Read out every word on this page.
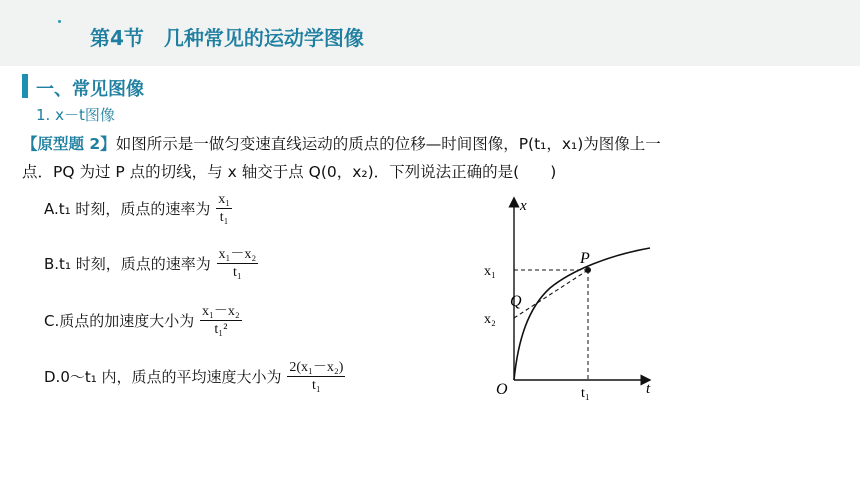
第4节　几种常见的运动学图像
一、常见图像
1. x－t图像
【原型题 2】如图所示是一做匀变速直线运动的质点的位移—时间图像，P(t₁，x₁)为图像上一
点．PQ 为过 P 点的切线，与 x 轴交于点 Q(0，x₂)．下列说法正确的是(　　)
A.t₁ 时刻，质点的速率为 $\frac{\text{x₁}}{\text{t₁}}$
B.t₁ 时刻，质点的速率为 $\frac{\text{x₁－x₂}}{\text{t₁}}$
C.质点的加速度大小为 $\frac{\text{x₁－x₂}}{\text{t₁²}}$
D.0～t₁ 内，质点的平均速度大小为 $\frac{\text{2(x₁－x₂)}}{\text{t₁}}$
x
t
O
x₁
x₂
t₁
P
Q
